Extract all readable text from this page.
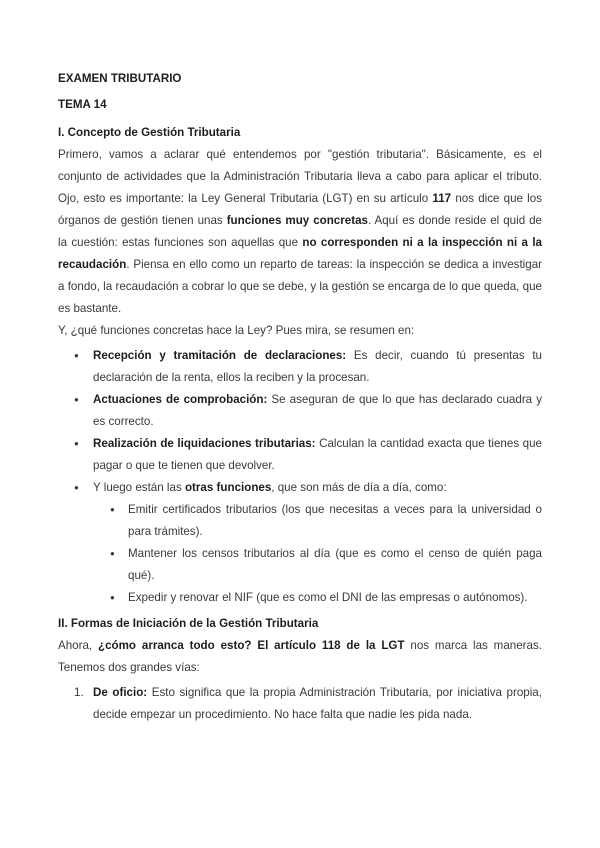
EXAMEN TRIBUTARIO
TEMA 14
I. Concepto de Gestión Tributaria
Primero, vamos a aclarar qué entendemos por "gestión tributaria". Básicamente, es el conjunto de actividades que la Administración Tributaria lleva a cabo para aplicar el tributo. Ojo, esto es importante: la Ley General Tributaria (LGT) en su artículo 117 nos dice que los órganos de gestión tienen unas funciones muy concretas. Aquí es donde reside el quid de la cuestión: estas funciones son aquellas que no corresponden ni a la inspección ni a la recaudación. Piensa en ello como un reparto de tareas: la inspección se dedica a investigar a fondo, la recaudación a cobrar lo que se debe, y la gestión se encarga de lo que queda, que es bastante.
Y, ¿qué funciones concretas hace la Ley? Pues mira, se resumen en:
● Recepción y tramitación de declaraciones: Es decir, cuando tú presentas tu declaración de la renta, ellos la reciben y la procesan.
● Actuaciones de comprobación: Se aseguran de que lo que has declarado cuadra y es correcto.
● Realización de liquidaciones tributarias: Calculan la cantidad exacta que tienes que pagar o que te tienen que devolver.
● Y luego están las otras funciones, que son más de día a día, como:
● Emitir certificados tributarios (los que necesitas a veces para la universidad o para trámites).
● Mantener los censos tributarios al día (que es como el censo de quién paga qué).
● Expedir y renovar el NIF (que es como el DNI de las empresas o autónomos).
II. Formas de Iniciación de la Gestión Tributaria
Ahora, ¿cómo arranca todo esto? El artículo 118 de la LGT nos marca las maneras. Tenemos dos grandes vías:
1. De oficio: Esto significa que la propia Administración Tributaria, por iniciativa propia, decide empezar un procedimiento. No hace falta que nadie les pida nada.
